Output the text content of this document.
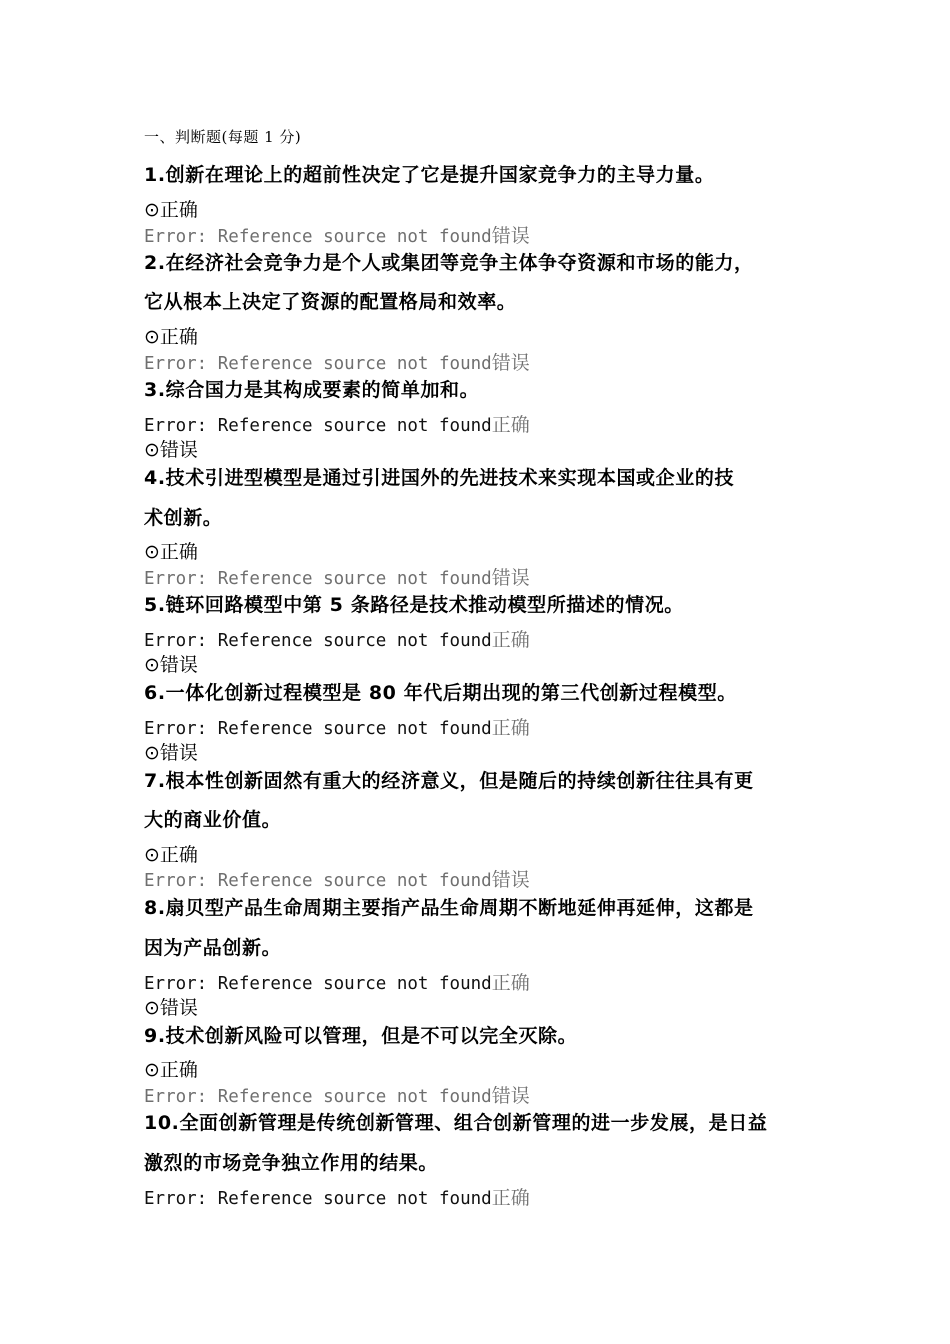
一、判断题(每题 1 分)
1.创新在理论上的超前性决定了它是提升国家竞争力的主导力量。
⊙正确
Error: Reference source not found错误
2.在经济社会竞争力是个人或集团等竞争主体争夺资源和市场的能力，
它从根本上决定了资源的配置格局和效率。
⊙正确
Error: Reference source not found错误
3.综合国力是其构成要素的简单加和。
Error: Reference source not found正确
⊙错误
4.技术引进型模型是通过引进国外的先进技术来实现本国或企业的技
术创新。
⊙正确
Error: Reference source not found错误
5.链环回路模型中第 5 条路径是技术推动模型所描述的情况。
Error: Reference source not found正确
⊙错误
6.一体化创新过程模型是 80 年代后期出现的第三代创新过程模型。
Error: Reference source not found正确
⊙错误
7.根本性创新固然有重大的经济意义，但是随后的持续创新往往具有更
大的商业价值。
⊙正确
Error: Reference source not found错误
8.扇贝型产品生命周期主要指产品生命周期不断地延伸再延伸，这都是
因为产品创新。
Error: Reference source not found正确
⊙错误
9.技术创新风险可以管理，但是不可以完全灭除。
⊙正确
Error: Reference source not found错误
10.全面创新管理是传统创新管理、组合创新管理的进一步发展，是日益
激烈的市场竞争独立作用的结果。
Error: Reference source not found正确
